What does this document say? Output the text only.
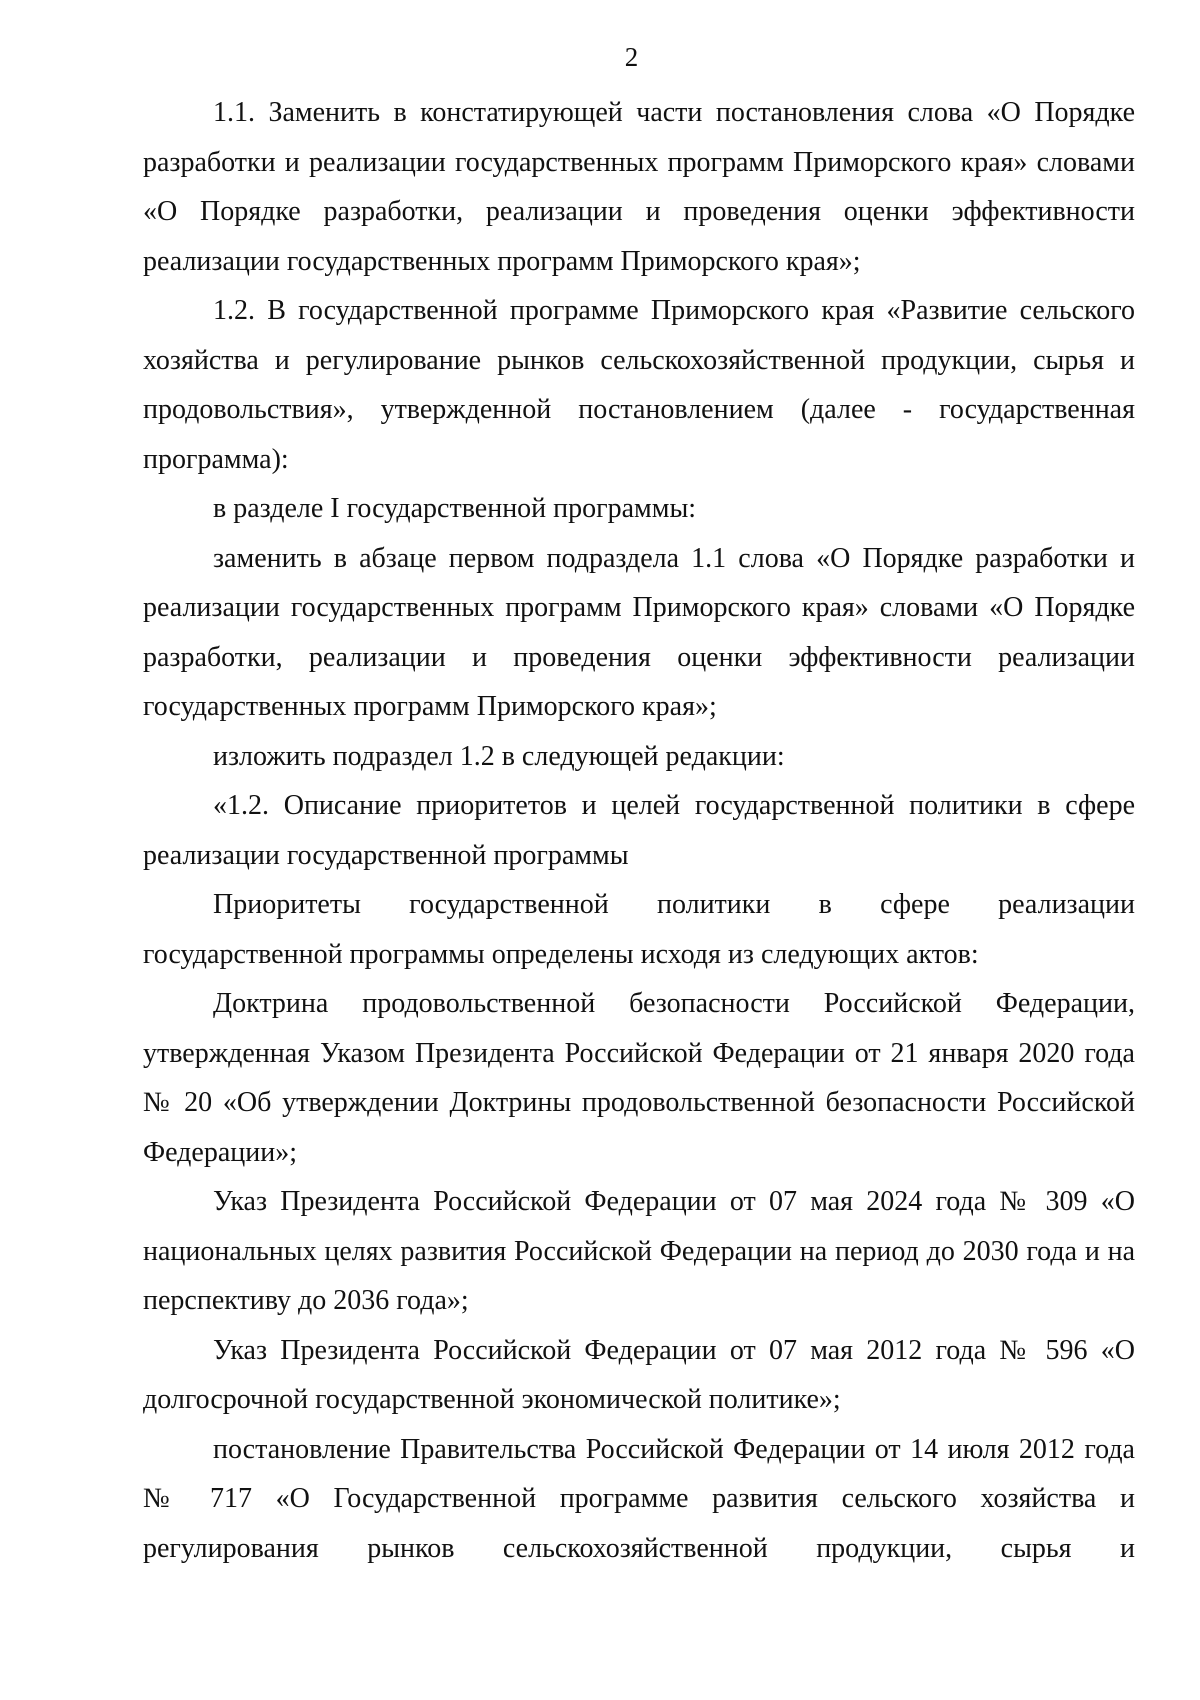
2

1.1. Заменить в констатирующей части постановления слова «О Порядке разработки и реализации государственных программ Приморского края» словами «О Порядке разработки, реализации и проведения оценки эффективности реализации государственных программ Приморского края»;

1.2. В государственной программе Приморского края «Развитие сельского хозяйства и регулирование рынков сельскохозяйственной продукции, сырья и продовольствия», утвержденной постановлением (далее - государственная программа):

в разделе I государственной программы:

заменить в абзаце первом подраздела 1.1 слова «О Порядке разработки и реализации государственных программ Приморского края» словами «О Порядке разработки, реализации и проведения оценки эффективности реализации государственных программ Приморского края»;

изложить подраздел 1.2 в следующей редакции:

«1.2. Описание приоритетов и целей государственной политики в сфере реализации государственной программы

Приоритеты государственной политики в сфере реализации государственной программы определены исходя из следующих актов:

Доктрина продовольственной безопасности Российской Федерации, утвержденная Указом Президента Российской Федерации от 21 января 2020 года № 20 «Об утверждении Доктрины продовольственной безопасности Российской Федерации»;

Указ Президента Российской Федерации от 07 мая 2024 года № 309 «О национальных целях развития Российской Федерации на период до 2030 года и на перспективу до 2036 года»;

Указ Президента Российской Федерации от 07 мая 2012 года № 596 «О долгосрочной государственной экономической политике»;

постановление Правительства Российской Федерации от 14 июля 2012 года № 717 «О Государственной программе развития сельского хозяйства и регулирования рынков сельскохозяйственной продукции, сырья и
